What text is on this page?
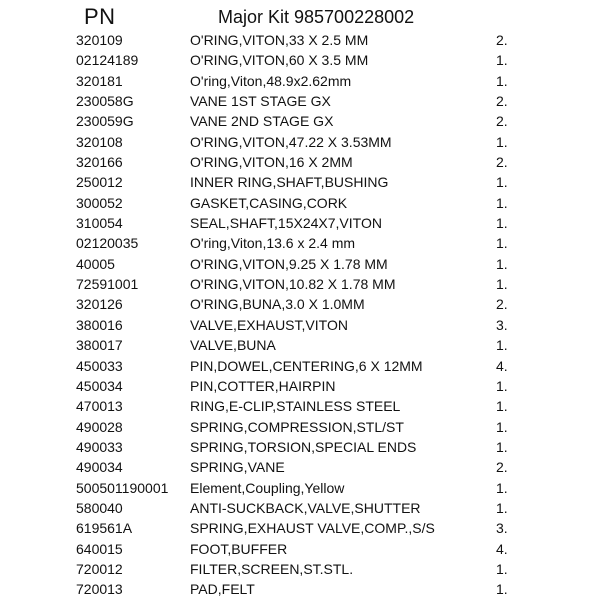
PN	Major Kit 985700228002
320109	O'RING,VITON,33 X 2.5 MM	2.
02124189	O'RING,VITON,60 X 3.5 MM	1.
320181	O'ring,Viton,48.9x2.62mm	1.
230058G	VANE 1ST STAGE GX	2.
230059G	VANE 2ND STAGE GX	2.
320108	O'RING,VITON,47.22 X 3.53MM	1.
320166	O'RING,VITON,16 X 2MM	2.
250012	INNER RING,SHAFT,BUSHING	1.
300052	GASKET,CASING,CORK	1.
310054	SEAL,SHAFT,15X24X7,VITON	1.
02120035	O'ring,Viton,13.6 x 2.4 mm	1.
40005	O'RING,VITON,9.25 X 1.78 MM	1.
72591001	O'RING,VITON,10.82 X 1.78 MM	1.
320126	O'RING,BUNA,3.0 X 1.0MM	2.
380016	VALVE,EXHAUST,VITON	3.
380017	VALVE,BUNA	1.
450033	PIN,DOWEL,CENTERING,6 X 12MM	4.
450034	PIN,COTTER,HAIRPIN	1.
470013	RING,E-CLIP,STAINLESS STEEL	1.
490028	SPRING,COMPRESSION,STL/ST	1.
490033	SPRING,TORSION,SPECIAL ENDS	1.
490034	SPRING,VANE	2.
500501190001 Element,Coupling,Yellow	1.
580040	ANTI-SUCKBACK,VALVE,SHUTTER	1.
619561A	SPRING,EXHAUST VALVE,COMP.,S/S	3.
640015	FOOT,BUFFER	4.
720012	FILTER,SCREEN,ST.STL.	1.
720013	PAD,FELT	1.
